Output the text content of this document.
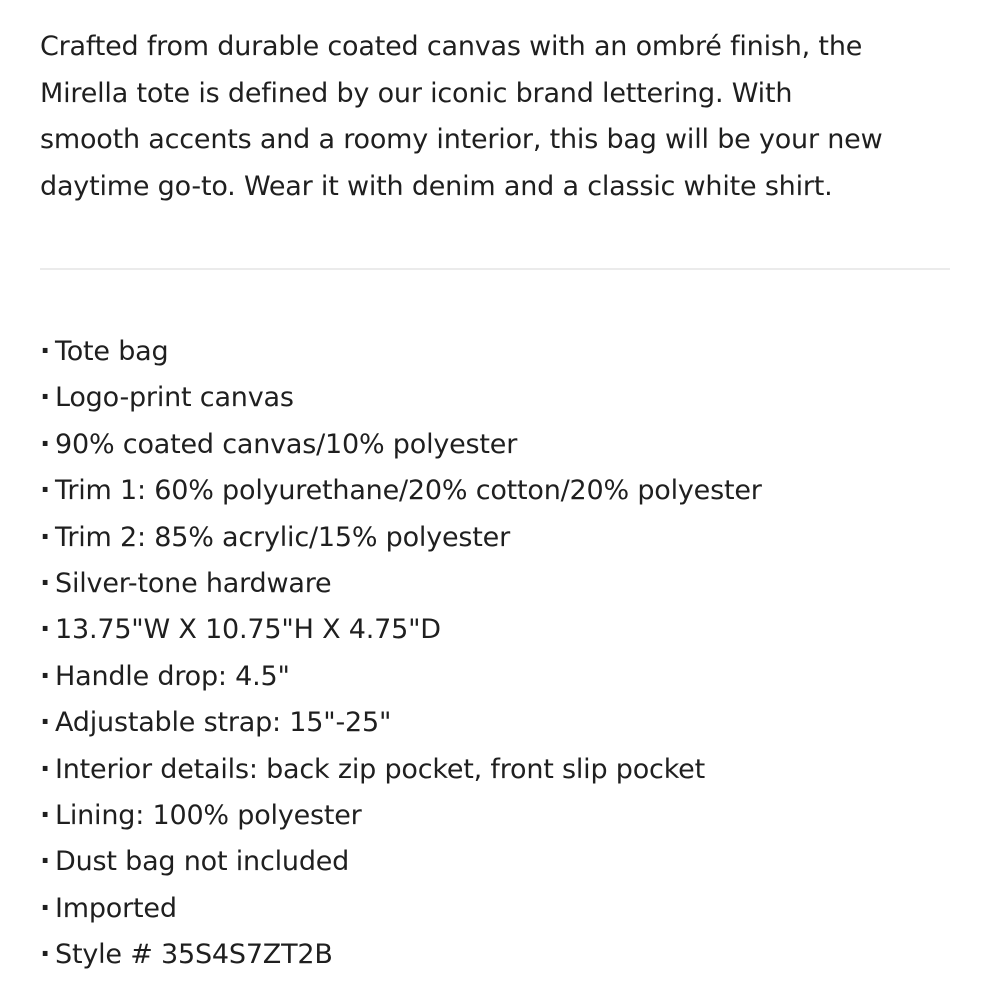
Crafted from durable coated canvas with an ombré finish, the
Mirella tote is defined by our iconic brand lettering. With
smooth accents and a roomy interior, this bag will be your new
daytime go-to. Wear it with denim and a classic white shirt.

· Tote bag
· Logo-print canvas
· 90% coated canvas/10% polyester
· Trim 1: 60% polyurethane/20% cotton/20% polyester
· Trim 2: 85% acrylic/15% polyester
· Silver-tone hardware
· 13.75"W X 10.75"H X 4.75"D
· Handle drop: 4.5"
· Adjustable strap: 15"-25"
· Interior details: back zip pocket, front slip pocket
· Lining: 100% polyester
· Dust bag not included
· Imported
· Style # 35S4S7ZT2B
